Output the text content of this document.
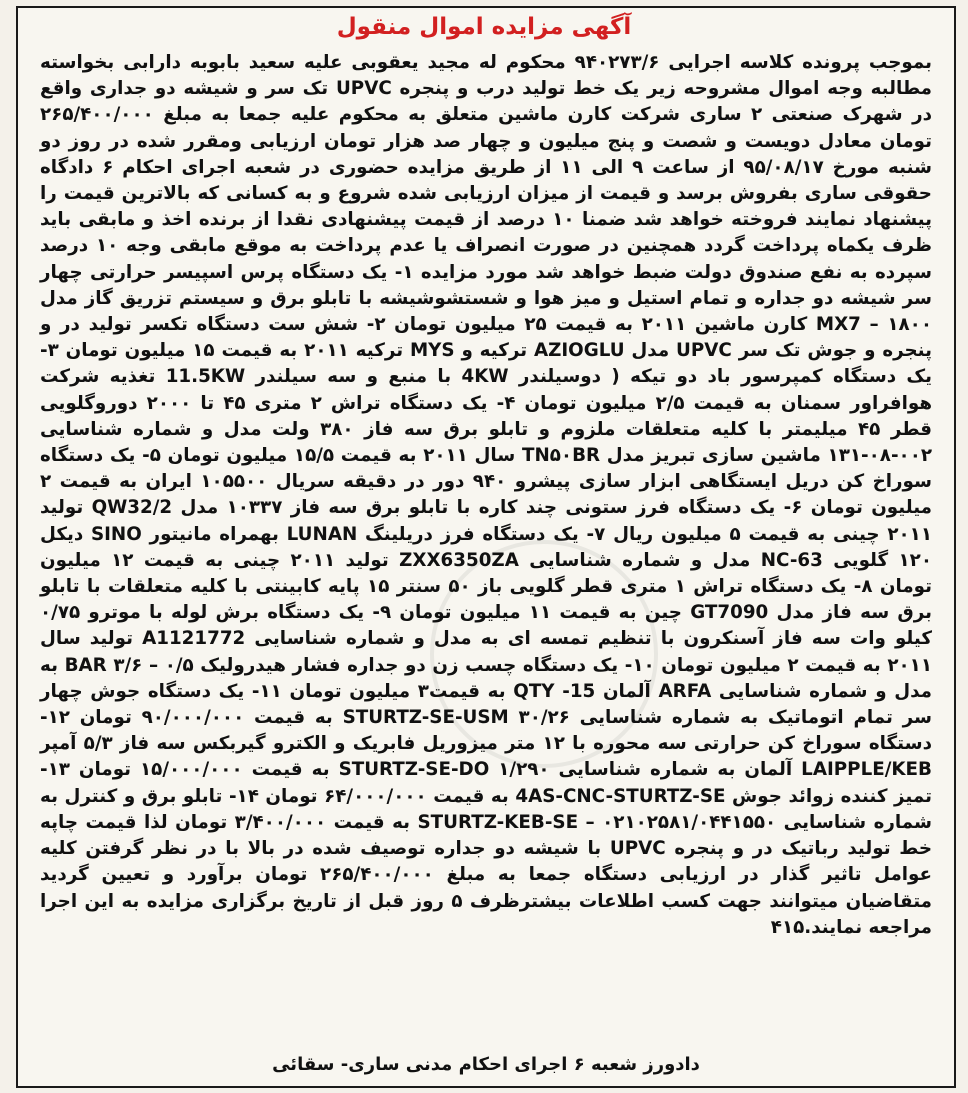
آگهی مزایده اموال منقول
بموجب پرونده کلاسه اجرایی ۹۴۰۲۷۳/۶ محکوم له مجید یعقوبی علیه سعید بابوبه دارابی بخواسته مطالبه وجه اموال مشروحه زیر یک خط تولید درب و پنجره UPVC تک سر و شیشه دو جداری واقع در شهرک صنعتی ۲ ساری شرکت کارن ماشین متعلق به محکوم علیه جمعا به مبلغ ۲۶۵/۴۰۰/۰۰۰ تومان معادل دویست و شصت و پنج میلیون و چهار صد هزار تومان ارزیابی ومقرر شده در روز دو شنبه مورخ ۹۵/۰۸/۱۷ از ساعت ۹ الی ۱۱ از طریق مزایده حضوری در شعبه اجرای احکام ۶ دادگاه حقوقی ساری بفروش برسد و قیمت از میزان ارزیابی شده شروع و به کسانی که بالاترین قیمت را پیشنهاد نمایند فروخته خواهد شد ضمنا ۱۰ درصد از قیمت پیشنهادی نقدا از برنده اخذ و مابقی باید ظرف یکماه پرداخت گردد همچنین در صورت انصراف یا عدم پرداخت به موقع مابقی وجه ۱۰ درصد سپرده به نفع صندوق دولت ضبط خواهد شد مورد مزایده ۱- یک دستگاه پرس اسپیسر حرارتی چهار سر شیشه دو جداره و تمام استیل و میز هوا و شستشوشیشه با تابلو برق و سیستم تزریق گاز مدل ۱۸۰۰ – MX7 کارن ماشین ۲۰۱۱ به قیمت ۲۵ میلیون تومان ۲- شش ست دستگاه تکسر تولید در و پنجره و جوش تک سر UPVC مدل AZIOGLU ترکیه و MYS ترکیه ۲۰۱۱ به قیمت ۱۵ میلیون تومان ۳- یک دستگاه کمپرسور باد دو تیکه ( دوسیلندر 4KW با منبع و سه سیلندر 11.5KW تغذیه شرکت هوافراور سمنان به قیمت ۲/۵ میلیون تومان ۴- یک دستگاه تراش ۲ متری ۴۵ تا ۲۰۰۰ دوروگلویی قطر ۴۵ میلیمتر با کلیه متعلقات ملزوم و تابلو برق سه فاز ۳۸۰ ولت مدل و شماره شناسایی ۰۰۲-۰۸-۱۳۱ ماشین سازی تبریز مدل TN۵۰BR سال ۲۰۱۱ به قیمت ۱۵/۵ میلیون تومان ۵- یک دستگاه سوراخ کن دریل ایستگاهی ابزار سازی پیشرو ۹۴۰ دور در دقیقه سریال ۱۰۵۵۰۰ ایران به قیمت ۲ میلیون تومان ۶- یک دستگاه فرز ستونی چند کاره با تابلو برق سه فاز ۱۰۳۳۷ مدل 2/QW32 تولید ۲۰۱۱ چینی به قیمت ۵ میلیون ریال ۷- یک دستگاه فرز دریلینگ LUNAN بهمراه مانیتور SINO دیکل ۱۲۰ گلویی NC-63 مدل و شماره شناسایی ZXX6350ZA تولید ۲۰۱۱ چینی به قیمت ۱۲ میلیون تومان ۸- یک دستگاه تراش ۱ متری قطر گلویی باز ۵۰ سنتر ۱۵ پایه کابینتی با کلیه متعلقات با تابلو برق سه فاز مدل GT7090 چین به قیمت ۱۱ میلیون تومان ۹- یک دستگاه برش لوله با موترو ۰/۷۵ کیلو وات سه فاز آسنکرون با تنظیم تمسه ای به مدل و شماره شناسایی A1121772 تولید سال ۲۰۱۱ به قیمت ۲ میلیون تومان ۱۰- یک دستگاه چسب زن دو جداره فشار هیدرولیک ۰/۵ – ۳/۶ BAR به مدل و شماره شناسایی ARFA آلمان QTY -15 به قیمت۳ میلیون تومان ۱۱- یک دستگاه جوش چهار سر تمام اتوماتیک به شماره شناسایی STURTZ-SE-USM ۳۰/۲۶ به قیمت ۹۰/۰۰۰/۰۰۰ تومان ۱۲- دستگاه سوراخ کن حرارتی سه محوره با ۱۲ متر میزوریل فابریک و الکترو گیربکس سه فاز ۵/۳ آمپر LAIPPLE/KEB آلمان به شماره شناسایی ۱/۲۹۰ STURTZ-SE-DO به قیمت ۱۵/۰۰۰/۰۰۰ تومان ۱۳- تمیز کننده زوائد جوش 4AS-CNC-STURTZ-SE به قیمت ۶۴/۰۰۰/۰۰۰ تومان ۱۴- تابلو برق و کنترل به شماره شناسایی ۰۲۱۰۲۵۸۱/۰۴۴۱۵۵۰ – STURTZ-KEB-SE به قیمت ۳/۴۰۰/۰۰۰ تومان لذا قیمت چاپه خط تولید رباتیک در و پنجره UPVC با شیشه دو جداره توصیف شده در بالا با در نظر گرفتن کلیه عوامل تاثیر گذار در ارزیابی دستگاه جمعا به مبلغ ۲۶۵/۴۰۰/۰۰۰ تومان برآورد و تعیین گردید متقاضیان میتوانند جهت کسب اطلاعات بیشترظرف ۵ روز قبل از تاریخ برگزاری مزایده به این اجرا مراجعه نمایند.۴۱۵
دادورز شعبه ۶ اجرای احکام مدنی ساری- سقائی
